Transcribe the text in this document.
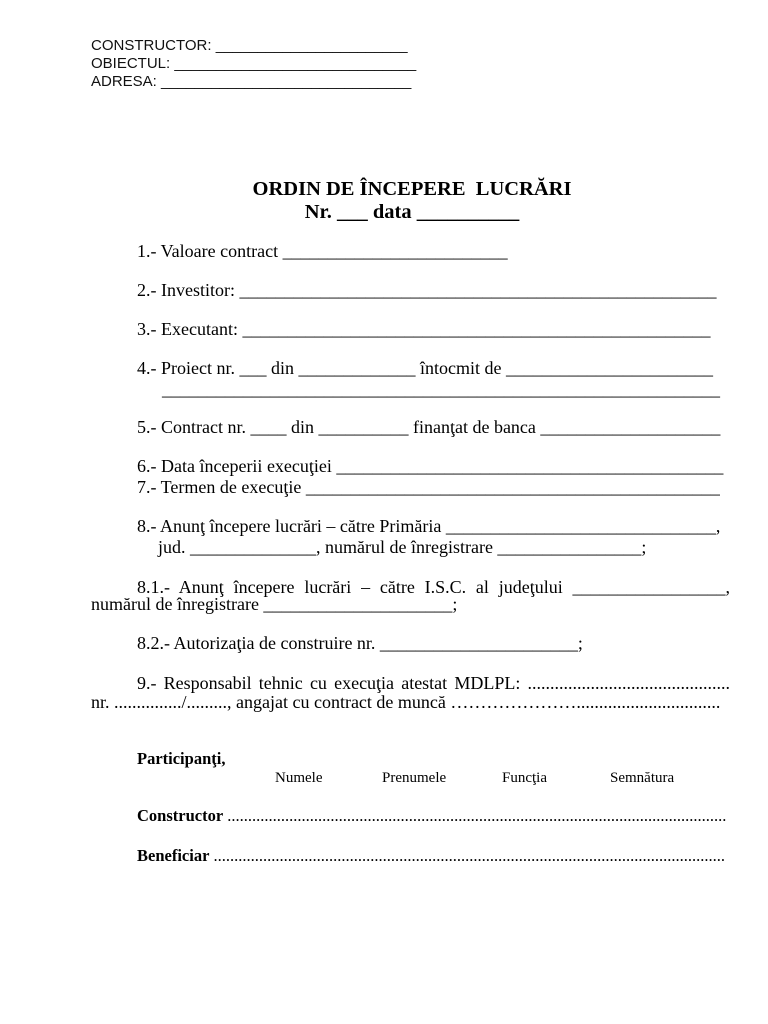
CONSTRUCTOR: _______________________
OBIECTUL: _____________________________
ADRESA: ______________________________
ORDIN DE ÎNCEPERE  LUCRĂRI
Nr. ___ data __________
1.- Valoare contract _________________________
2.- Investitor: _____________________________________________________
3.- Executant: ____________________________________________________
4.- Proiect nr. ___ din _____________ întocmit de _______________________
______________________________________________________________
5.- Contract nr. ____ din __________ finanţat de banca ____________________
6.- Data începerii execuţiei ___________________________________________
7.- Termen de execuţie ______________________________________________
8.- Anunţ începere lucrări – către Primăria ______________________________,
jud. ______________, numărul de înregistrare ________________;
8.1.- Anunţ începere lucrări – către I.S.C. al judeţului _________________,
numărul de înregistrare _____________________;
8.2.- Autorizaţia de construire nr. ______________________;
9.- Responsabil tehnic cu execuţia atestat MDLPL: .............................................
nr. .............../........., angajat cu contract de muncă …………………................................
Participanţi,
Numele	Prenumele	Funcţia	Semnătura
Constructor .........................................................................................................................
Beneficiar ............................................................................................................................
